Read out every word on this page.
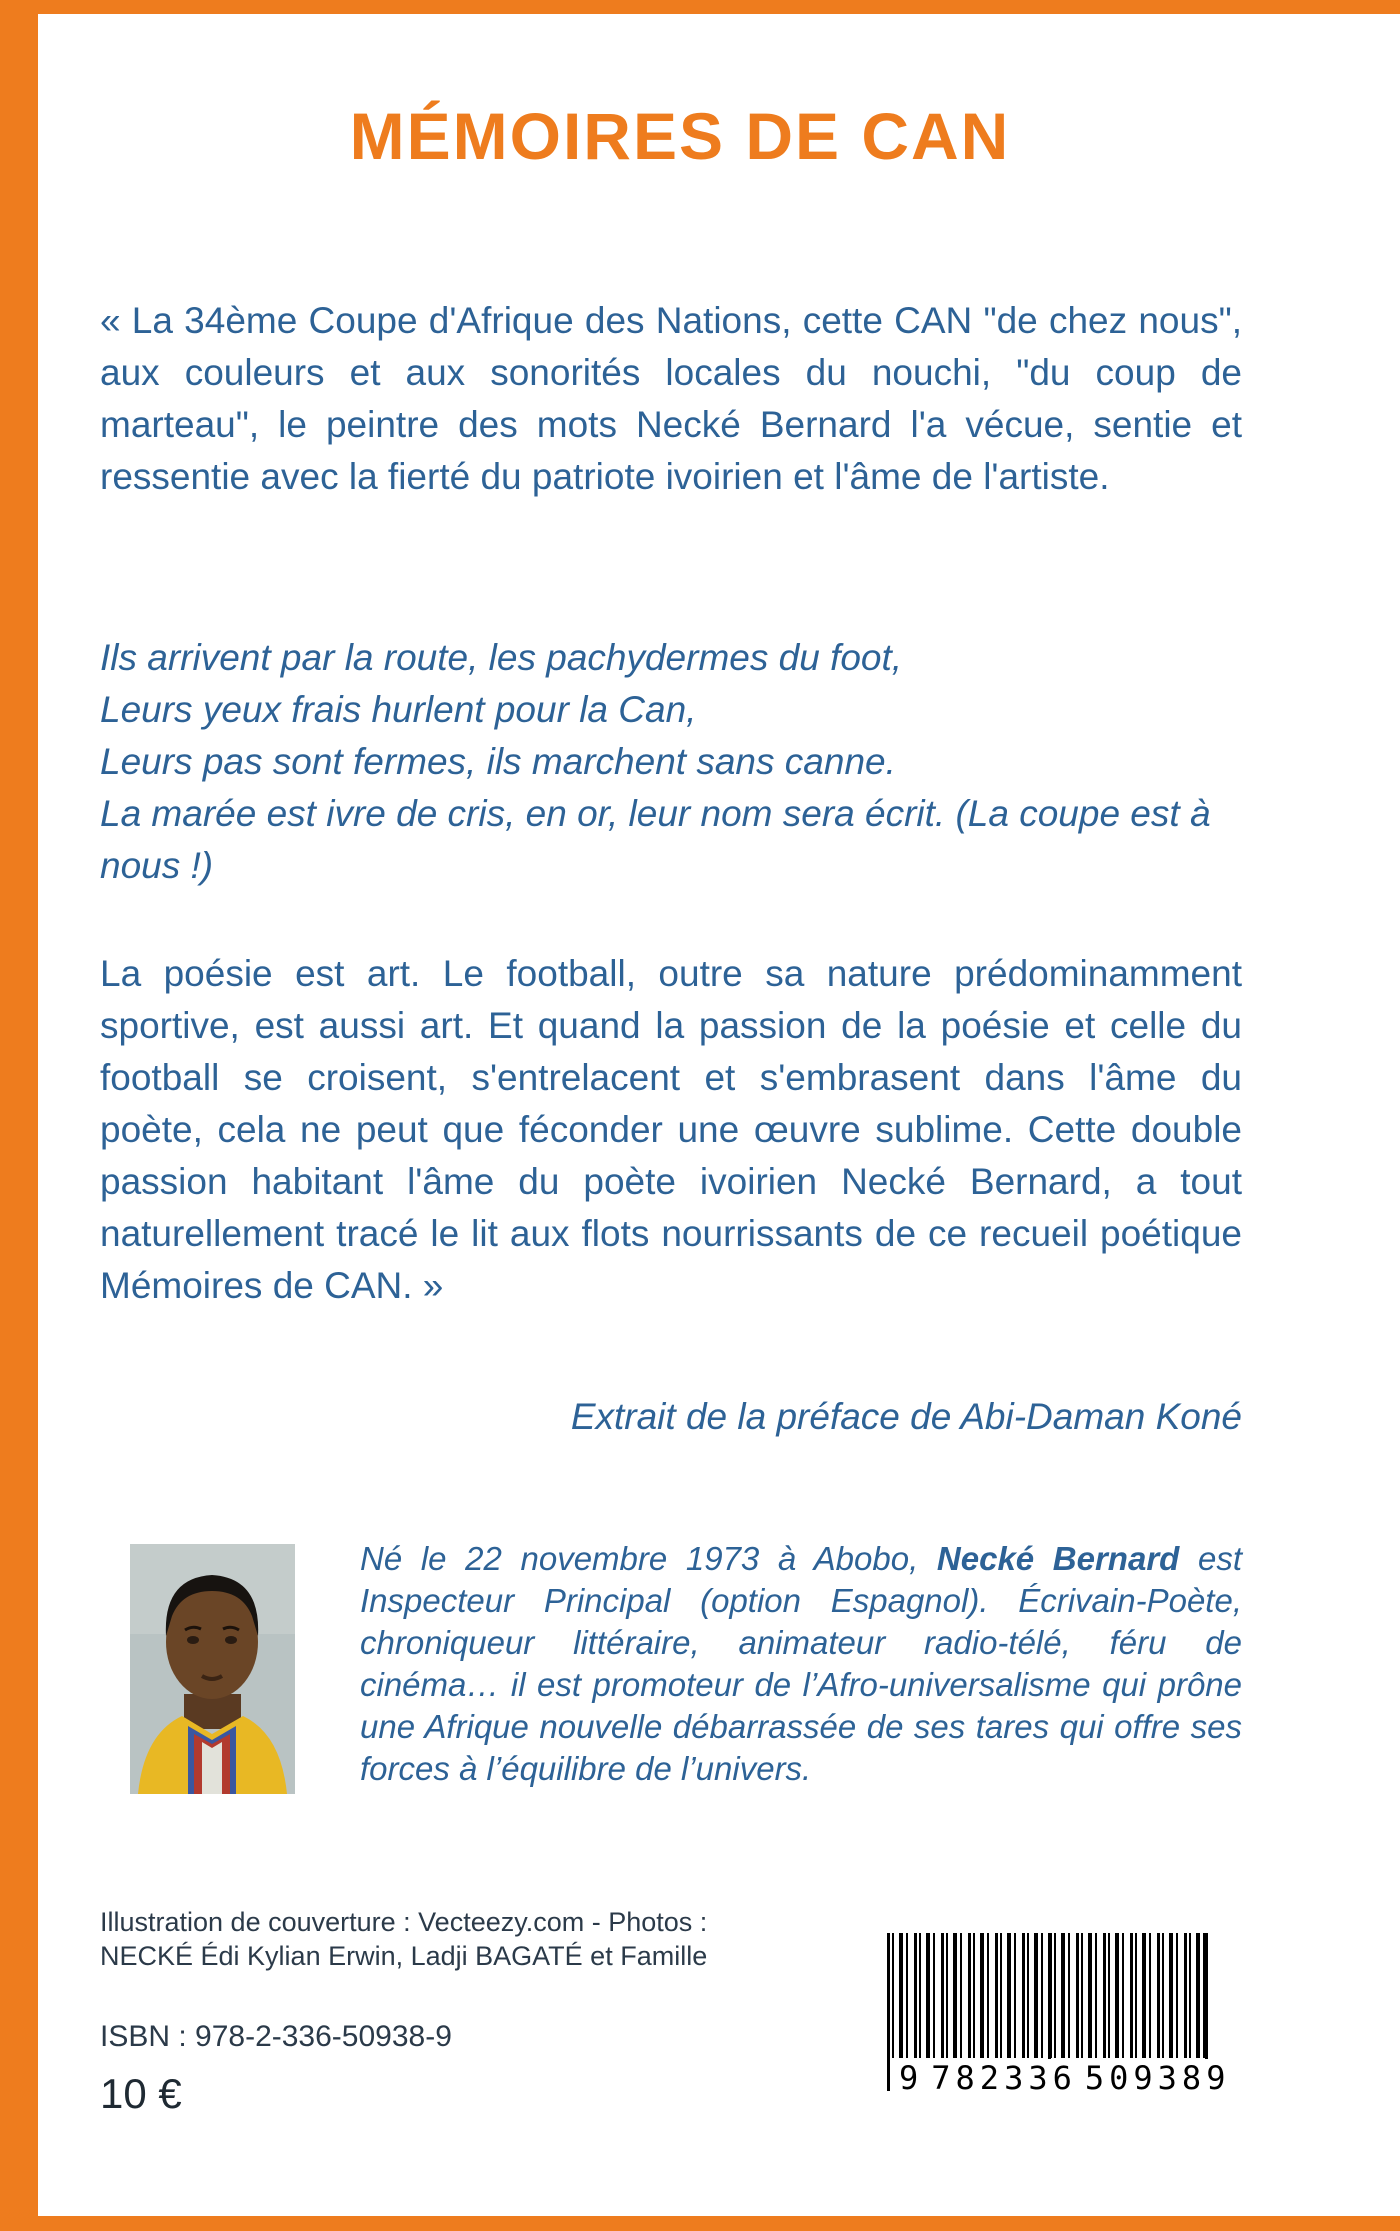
MÉMOIRES DE CAN

« La 34ème Coupe d'Afrique des Nations, cette CAN "de chez nous", aux couleurs et aux sonorités locales du nouchi, "du coup de marteau", le peintre des mots Necké Bernard l'a vécue, sentie et ressentie avec la fierté du patriote ivoirien et l'âme de l'artiste.

Ils arrivent par la route, les pachydermes du foot,

Leurs yeux frais hurlent pour la Can,

Leurs pas sont fermes, ils marchent sans canne.

La marée est ivre de cris, en or, leur nom sera écrit. (La coupe est à nous !)

La poésie est art. Le football, outre sa nature prédominamment sportive, est aussi art. Et quand la passion de la poésie et celle du football se croisent, s'entrelacent et s'embrasent dans l'âme du poète, cela ne peut que féconder une œuvre sublime. Cette double passion habitant l'âme du poète ivoirien Necké Bernard, a tout naturellement tracé le lit aux flots nourrissants de ce recueil poétique Mémoires de CAN. »

Extrait de la préface de Abi-Daman Koné

Né le 22 novembre 1973 à Abobo, Necké Bernard est Inspecteur Principal (option Espagnol). Écrivain-Poète, chroniqueur littéraire, animateur radio-télé, féru de cinéma… il est promoteur de l’Afro-universalisme qui prône une Afrique nouvelle débarrassée de ses tares qui offre ses forces à l’équilibre de l’univers.

Illustration de couverture : Vecteezy.com - Photos :
NECKÉ Édi Kylian Erwin, Ladji BAGATÉ et Famille

ISBN : 978-2-336-50938-9

10 €	9 782336 509389
